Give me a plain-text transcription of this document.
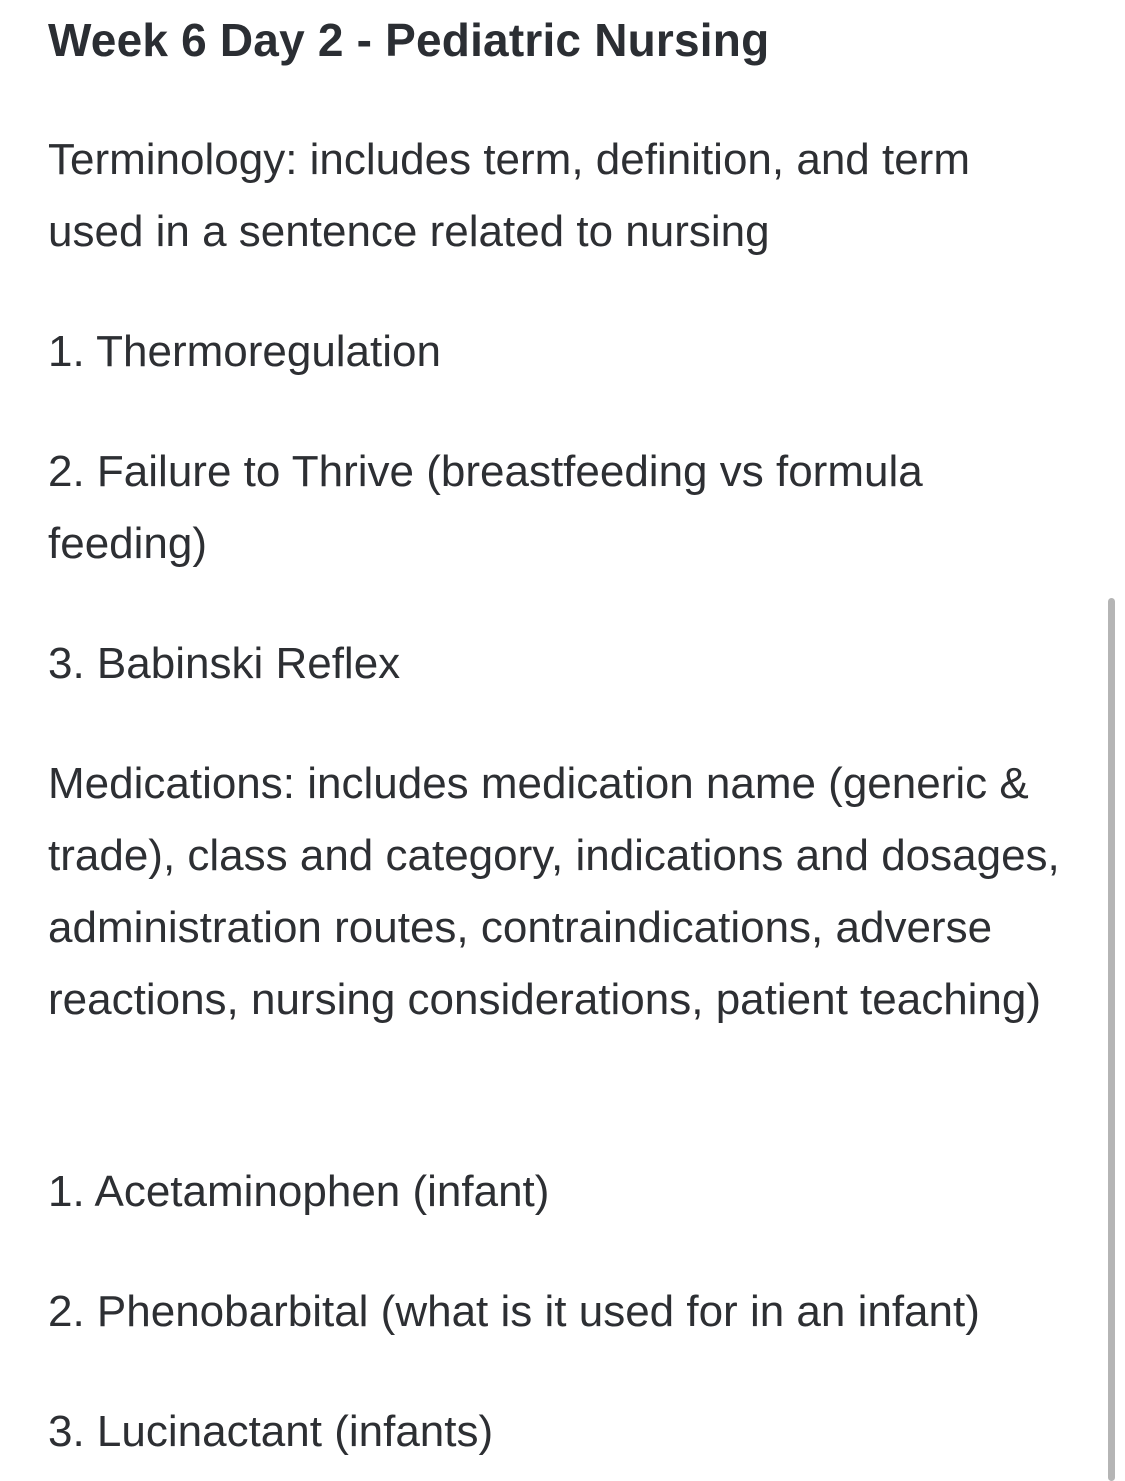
Week 6 Day 2 - Pediatric Nursing

Terminology: includes term, definition, and term used in a sentence related to nursing

1. Thermoregulation

2. Failure to Thrive (breastfeeding vs formula feeding)

3. Babinski Reflex

Medications: includes medication name (generic & trade), class and category, indications and dosages, administration routes, contraindications, adverse reactions, nursing considerations, patient teaching)

1. Acetaminophen (infant)

2. Phenobarbital (what is it used for in an infant)

3. Lucinactant (infants)
